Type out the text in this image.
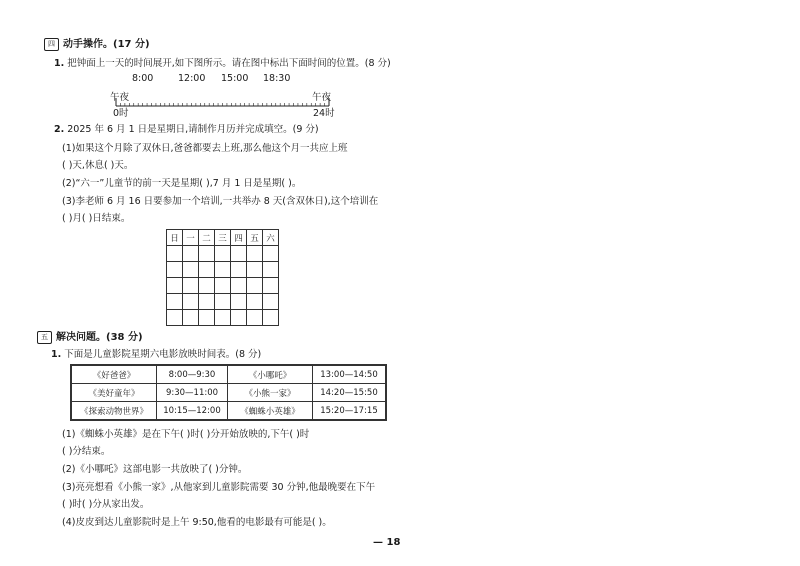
四 动手操作。(17 分)
1. 把钟面上一天的时间展开,如下图所示。请在图中标出下面时间的位置。(8 分)
8:00	12:00 15:00 18:30
午夜	午夜
0时	24时
2. 2025 年 6 月 1 日是星期日,请制作月历并完成填空。(9 分)
(1)如果这个月除了双休日,爸爸都要去上班,那么他这个月一共应上班
( )天,休息( )天。
(2)“六一”儿童节的前一天是星期( ),7 月 1 日是星期( )。
(3)李老师 6 月 16 日要参加一个培训,一共举办 8 天(含双休日),这个培训在
( )月( )日结束。
日	一	二	三	四	五	六

五 解决问题。(38 分)
1. 下面是儿童影院星期六电影放映时间表。(8 分)
《好爸爸》	8:00—9:30	《小哪吒》	13:00—14:50
《美好童年》	9:30—11:00	《小熊一家》	14:20—15:50
《探索动物世界》	10:15—12:00	《蜘蛛小英雄》	15:20—17:15
(1)《蜘蛛小英雄》是在下午( )时( )分开始放映的,下午( )时
( )分结束。
(2)《小哪吒》这部电影一共放映了( )分钟。
(3)亮亮想看《小熊一家》,从他家到儿童影院需要 30 分钟,他最晚要在下午
( )时( )分从家出发。
(4)皮皮到达儿童影院时是上午 9:50,他看的电影最有可能是( )。
— 18
